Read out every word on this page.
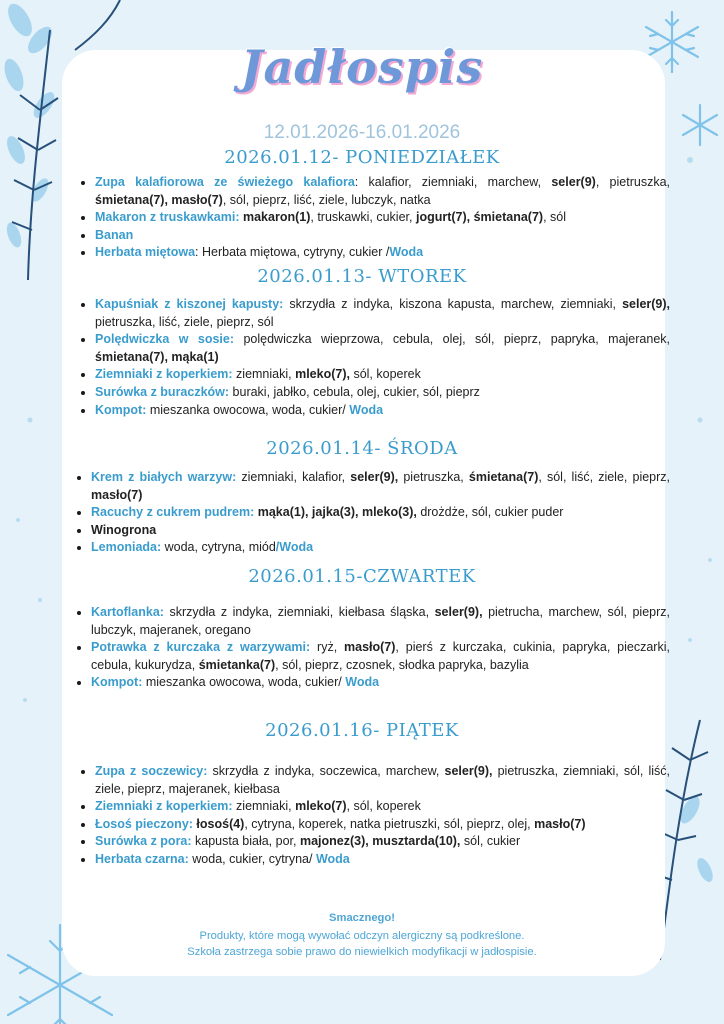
Jadłospis
12.01.2026-16.01.2026
2026.01.12- PONIEDZIAŁEK
• Zupa kalafiorowa ze świeżego kalafiora: kalafior, ziemniaki, marchew, seler(9), pietruszka, śmietana(7), masło(7), sól, pieprz, liść, ziele, lubczyk, natka
• Makaron z truskawkami: makaron(1), truskawki, cukier, jogurt(7), śmietana(7), sól
• Banan
• Herbata miętowa: Herbata miętowa, cytryny, cukier /Woda
2026.01.13- WTOREK
• Kapuśniak z kiszonej kapusty: skrzydła z indyka, kiszona kapusta, marchew, ziemniaki, seler(9), pietruszka, liść, ziele, pieprz, sól
• Polędwiczka w sosie: polędwiczka wieprzowa, cebula, olej, sól, pieprz, papryka, majeranek, śmietana(7), mąka(1)
• Ziemniaki z koperkiem: ziemniaki, mleko(7), sól, koperek
• Surówka z buraczków: buraki, jabłko, cebula, olej, cukier, sól, pieprz
• Kompot: mieszanka owocowa, woda, cukier/ Woda
2026.01.14- ŚRODA
• Krem z białych warzyw: ziemniaki, kalafior, seler(9), pietruszka, śmietana(7), sól, liść, ziele, pieprz, masło(7)
• Racuchy z cukrem pudrem: mąka(1), jajka(3), mleko(3), drożdże, sól, cukier puder
• Winogrona
• Lemoniada: woda, cytryna, miód/Woda
2026.01.15-CZWARTEK
• Kartoflanka: skrzydła z indyka, ziemniaki, kiełbasa śląska, seler(9), pietrucha, marchew, sól, pieprz, lubczyk, majeranek, oregano
• Potrawka z kurczaka z warzywami: ryż, masło(7), pierś z kurczaka, cukinia, papryka, pieczarki, cebula, kukurydza, śmietanka(7), sól, pieprz, czosnek, słodka papryka, bazylia
• Kompot: mieszanka owocowa, woda, cukier/ Woda
2026.01.16- PIĄTEK
• Zupa z soczewicy: skrzydła z indyka, soczewica, marchew, seler(9), pietruszka, ziemniaki, sól, liść, ziele, pieprz, majeranek, kiełbasa
• Ziemniaki z koperkiem: ziemniaki, mleko(7), sól, koperek
• Łosoś pieczony: łosoś(4), cytryna, koperek, natka pietruszki, sól, pieprz, olej, masło(7)
• Surówka z pora: kapusta biała, por, majonez(3), musztarda(10), sól, cukier
• Herbata czarna: woda, cukier, cytryna/ Woda
Smacznego!
Produkty, które mogą wywołać odczyn alergiczny są podkreślone.
Szkoła zastrzega sobie prawo do niewielkich modyfikacji w jadłospisie.
